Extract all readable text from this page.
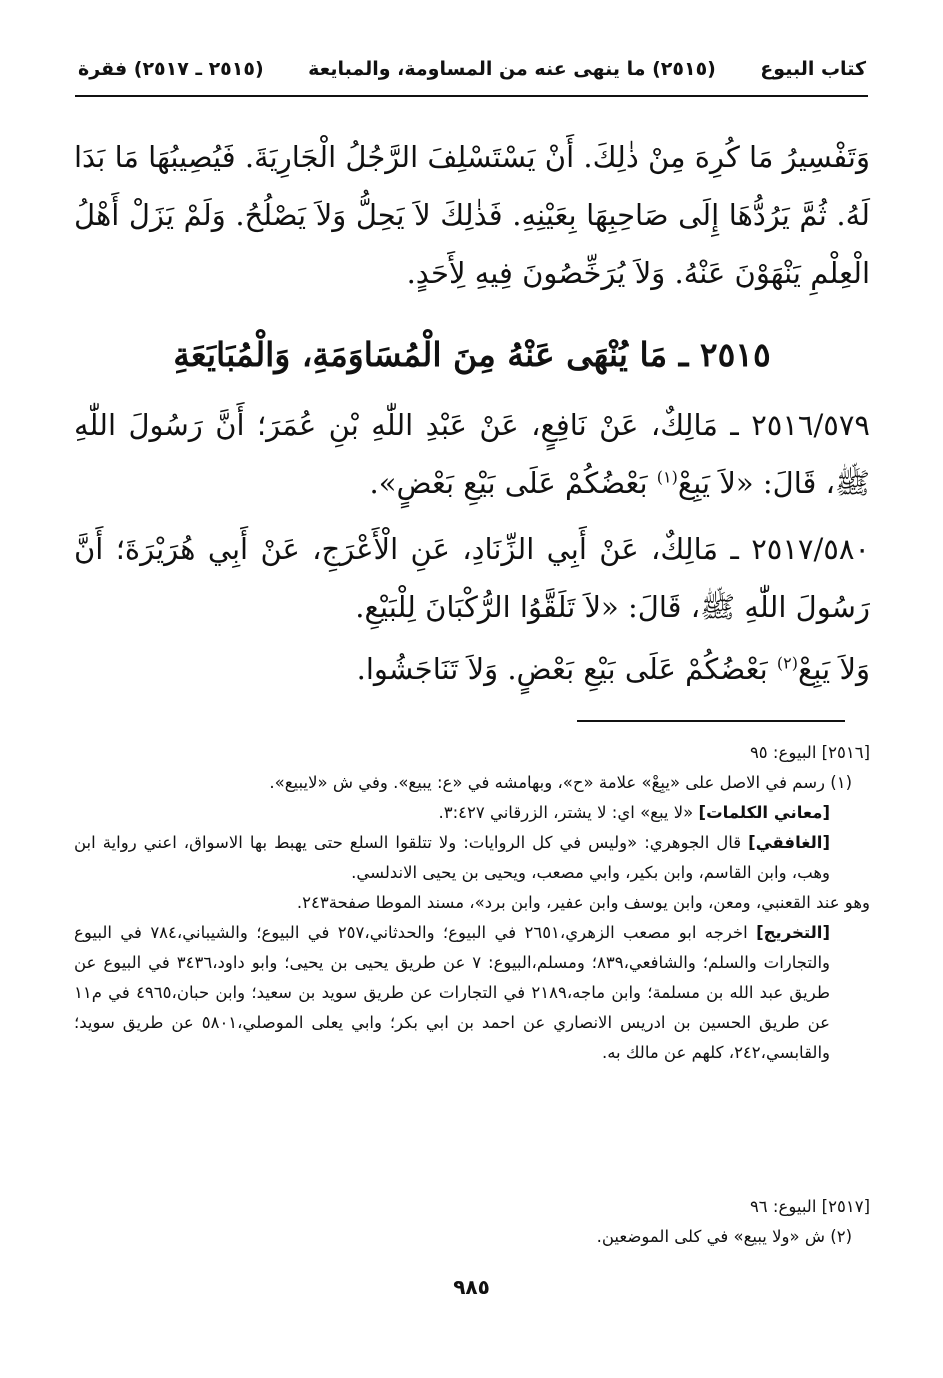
كتاب البيوع
(٢٥١٥) ما ينهى عنه من المساومة، والمبايعة
(٢٥١٥ ـ ٢٥١٧) فقرة
وَتَفْسِيرُ مَا كُرِهَ مِنْ ذٰلِكَ. أَنْ يَسْتَسْلِفَ الرَّجُلُ الْجَارِيَةَ. فَيُصِيبُهَا مَا بَدَا لَهُ. ثُمَّ يَرُدُّهَا إِلَى صَاحِبِهَا بِعَيْنِهِ. فَذٰلِكَ لاَ يَحِلُّ وَلاَ يَصْلُحُ. وَلَمْ يَزَلْ أَهْلُ الْعِلْمِ يَنْهَوْنَ عَنْهُ. وَلاَ يُرَخِّصُونَ فِيهِ لِأَحَدٍ.
٢٥١٥ ـ مَا يُنْهَى عَنْهُ مِنَ الْمُسَاوَمَةِ، وَالْمُبَايَعَةِ
٢٥١٦/٥٧٩ ـ مَالِكٌ، عَنْ نَافِعٍ، عَنْ عَبْدِ اللّٰهِ بْنِ عُمَرَ؛ أَنَّ رَسُولَ اللّٰهِ ﷺ، قَالَ: «لاَ يَبِعْ$^{(١)}$ بَعْضُكُمْ عَلَى بَيْعِ بَعْضٍ».
٢٥١٧/٥٨٠ ـ مَالِكٌ، عَنْ أَبِي الزِّنَادِ، عَنِ الْأَعْرَجِ، عَنْ أَبِي هُرَيْرَةَ؛ أَنَّ رَسُولَ اللّٰهِ ﷺ، قَالَ: «لاَ تَلَقَّوُا الرُّكْبَانَ لِلْبَيْعِ.
وَلاَ يَبِعْ$^{(٢)}$ بَعْضُكُمْ عَلَى بَيْعِ بَعْضٍ. وَلاَ تَنَاجَشُوا.
[٢٥١٦] البيوع: ٩٥
(١) رسم في الاصل على «يبِعْ» علامة «ح»، وبهامشه في «ع: يبيع». وفي ش «لايبيع».
[معاني الكلمات] «لا يبع» اي: لا يشتر، الزرقاني ٣:٤٢٧.
[الغافقي] قال الجوهري: «وليس في كل الروايات: ولا تتلقوا السلع حتى يهبط بها الاسواق، اعني رواية ابن وهب، وابن القاسم، وابن بكير، وابي مصعب، ويحيى بن يحيى الاندلسي.
وهو عند القعنبي، ومعن، وابن يوسف وابن عفير، وابن برد»، مسند الموطا صفحة٢٤٣.
[التخريج] اخرجه ابو مصعب الزهري،٢٦٥١ في البيوع؛ والحدثاني،٢٥٧ في البيوع؛ والشيباني،٧٨٤ في البيوع والتجارات والسلم؛ والشافعي،٨٣٩؛ ومسلم،البيوع: ٧ عن طريق يحيى بن يحيى؛ وابو داود،٣٤٣٦ في البيوع عن طريق عبد الله بن مسلمة؛ وابن ماجه،٢١٨٩ في التجارات عن طريق سويد بن سعيد؛ وابن حبان،٤٩٦٥ في م١١ عن طريق الحسين بن ادريس الانصاري عن احمد بن ابي بكر؛ وابي يعلى الموصلي،٥٨٠١ عن طريق سويد؛ والقابسي،٢٤٢، كلهم عن مالك به.
[٢٥١٧] البيوع: ٩٦
(٢) ش «ولا يبيع» في كلى الموضعين.
٩٨٥
